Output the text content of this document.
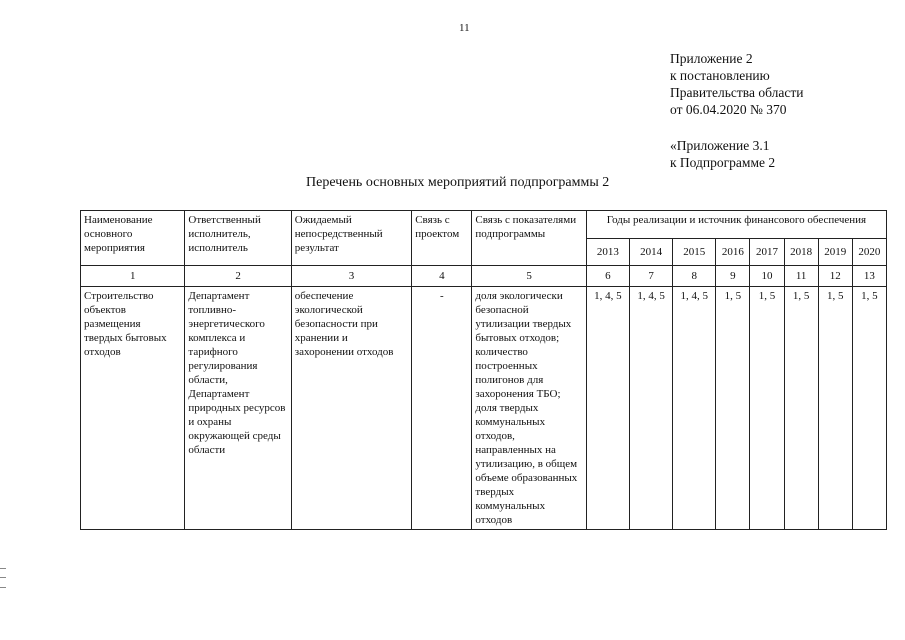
11
Приложение 2
к постановлению
Правительства области
от 06.04.2020 № 370
«Приложение 3.1
к Подпрограмме 2
Перечень основных мероприятий подпрограммы 2
Наименование основного мероприятия	Ответственный исполнитель, исполнитель	Ожидаемый непосредственный результат	Связь с проектом	Связь с показателями подпрограммы	Годы реализации и источник финансового обеспечения							
					2013	2014	2015	2016	2017	2018	2019	2020
1	2	3	4	5	6	7	8	9	10	11	12	13
Строительство объектов размещения твердых бытовых отходов	Департамент топливно-энергетического комплекса и тарифного регулирования области, Департамент природных ресурсов и охраны окружающей среды области	обеспечение экологической безопасности при хранении и захоронении отходов	-	доля экологически безопасной утилизации твердых бытовых отходов; количество построенных полигонов для захоронения ТБО; доля твердых коммунальных отходов, направленных на утилизацию, в общем объеме образованных твердых коммунальных отходов	1, 4, 5	1, 4, 5	1, 4, 5	1, 5	1, 5	1, 5	1, 5	1, 5
